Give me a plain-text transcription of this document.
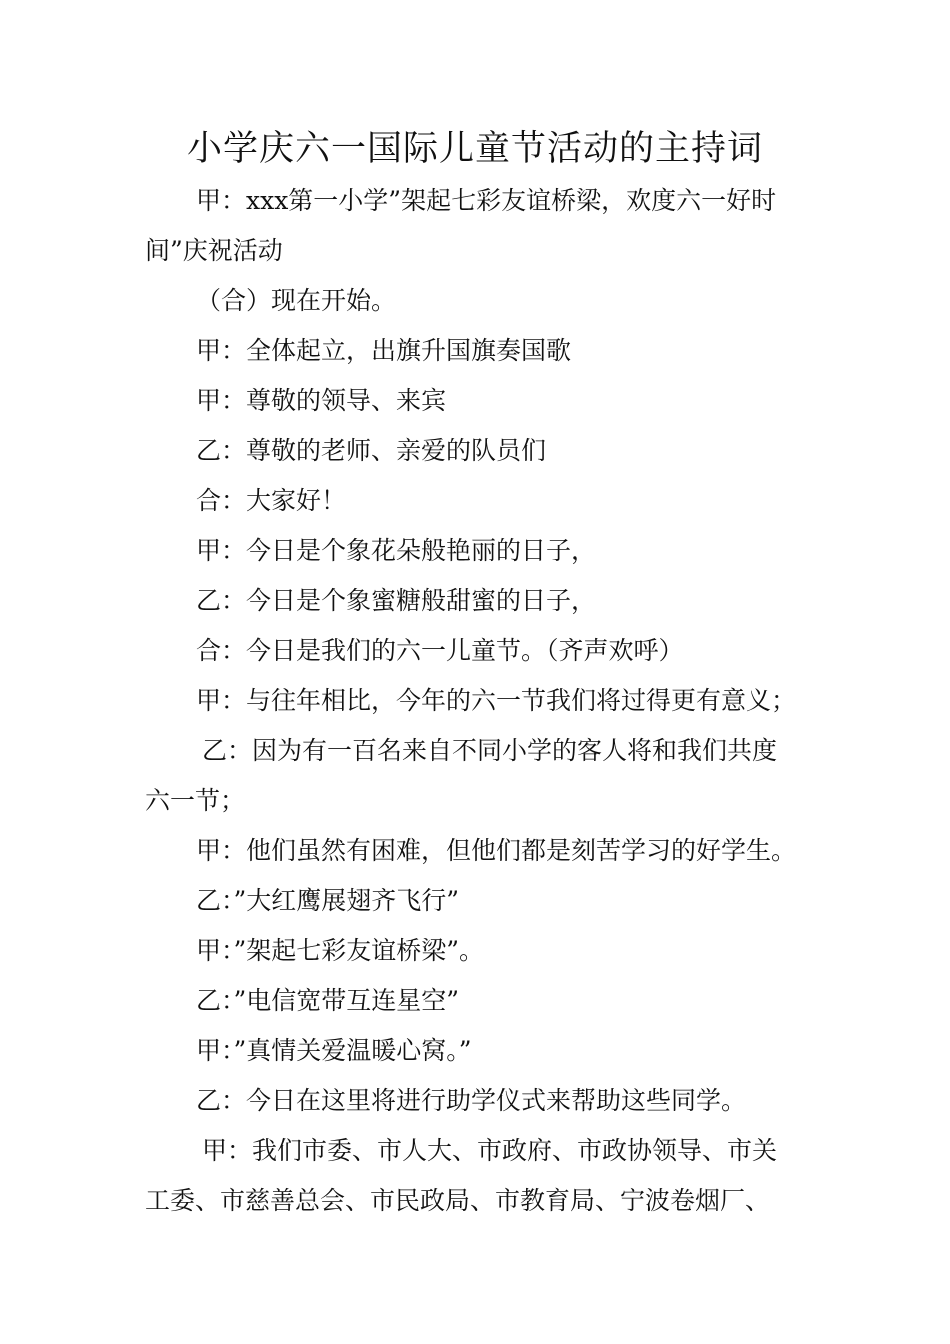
小学庆六一国际儿童节活动的主持词

甲：xxx第一小学”架起七彩友谊桥梁，欢度六一好时
间”庆祝活动

（合）现在开始。

甲：全体起立，出旗升国旗奏国歌

甲：尊敬的领导、来宾

乙：尊敬的老师、亲爱的队员们

合：大家好！

甲：今日是个象花朵般艳丽的日子，

乙：今日是个象蜜糖般甜蜜的日子，

合：今日是我们的六一儿童节。（齐声欢呼）

甲：与往年相比，今年的六一节我们将过得更有意义；

乙：因为有一百名来自不同小学的客人将和我们共度
六一节；

甲：他们虽然有困难，但他们都是刻苦学习的好学生。

乙：”大红鹰展翅齐飞行”

甲：”架起七彩友谊桥梁”。

乙：”电信宽带互连星空”

甲：”真情关爱温暖心窝。”

乙：今日在这里将进行助学仪式来帮助这些同学。

甲：我们市委、市人大、市政府、市政协领导、市关
工委、市慈善总会、市民政局、市教育局、宁波卷烟厂、
